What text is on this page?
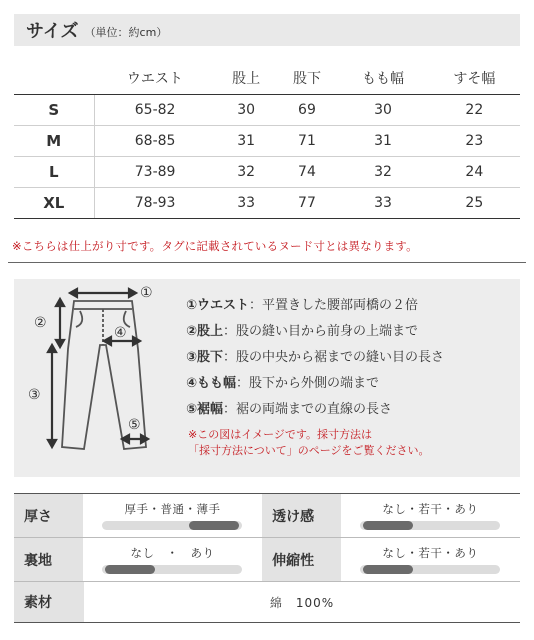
サイズ （単位：約cm）
	ウエスト	股上	股下	もも幅	すそ幅
S	65-82	30	69	30	22
M	68-85	31	71	31	23
L	73-89	32	74	32	24
XL	78-93	33	77	33	25
※こちらは仕上がり寸です。タグに記載されているヌード寸とは異なります。
①
②
④
③
⑤
①ウエスト：平置きした腰部両橋の２倍
②股上：股の縫い目から前身の上端まで
③股下：股の中央から裾までの縫い目の長さ
④もも幅：股下から外側の端まで
⑤裾幅：裾の両端までの直線の長さ
※この図はイメージです。採寸方法は
「採寸方法について」のページをご覧ください。
厚さ	厚手・普通・薄手	透け感	なし・若干・あり
裏地	なし　・　あり	伸縮性	なし・若干・あり
素材	綿　100%
